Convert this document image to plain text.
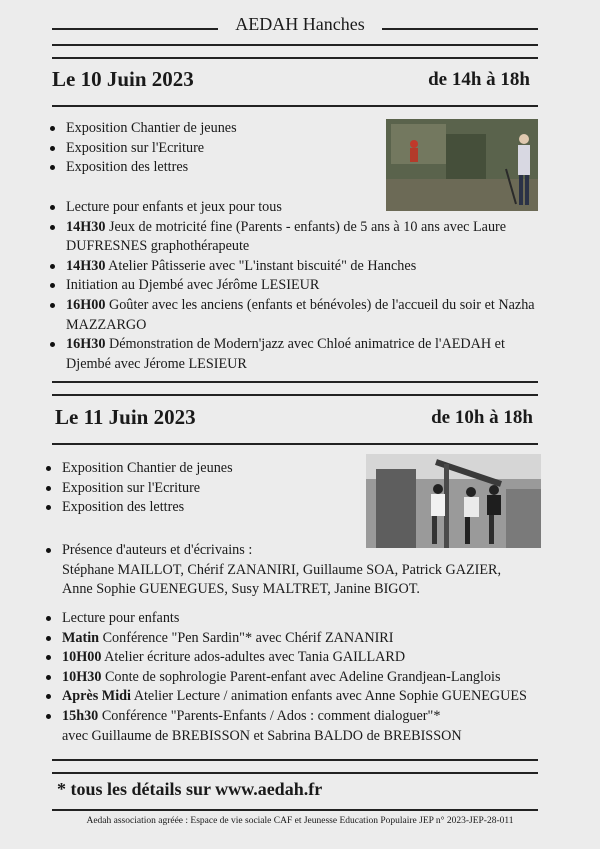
AEDAH Hanches
Le 10 Juin 2023	de 14h à 18h
Exposition Chantier de jeunes
Exposition sur l'Ecriture
Exposition des lettres
Lecture pour enfants et jeux pour tous
14H30 Jeux de motricité fine (Parents - enfants) de 5 ans à 10 ans avec Laure DUFRESNES graphothérapeute
14H30 Atelier Pâtisserie avec "L'instant biscuité" de Hanches
Initiation au Djembé avec Jérôme LESIEUR
16H00 Goûter avec les anciens (enfants et bénévoles) de l'accueil du soir et Nazha MAZZARGO
16H30 Démonstration de Modern'jazz avec Chloé animatrice de l'AEDAH et Djembé avec Jérome LESIEUR
Le 11 Juin 2023	de 10h à 18h
Exposition Chantier de jeunes
Exposition sur l'Ecriture
Exposition des lettres
Présence d'auteurs et d'écrivains :
Stéphane MAILLOT, Chérif ZANANIRI, Guillaume SOA, Patrick GAZIER,
Anne Sophie GUENEGUES, Susy MALTRET, Janine BIGOT.
Lecture pour enfants
Matin Conférence "Pen Sardin"* avec Chérif ZANANIRI
10H00 Atelier écriture ados-adultes avec Tania GAILLARD
10H30 Conte de sophrologie Parent-enfant avec Adeline Grandjean-Langlois
Après Midi Atelier Lecture / animation enfants avec Anne Sophie GUENEGUES
15h30 Conférence "Parents-Enfants / Ados : comment dialoguer"*
avec Guillaume de BREBISSON et Sabrina BALDO de BREBISSON
* tous les détails sur www.aedah.fr
Aedah association agréée : Espace de vie sociale CAF et Jeunesse Education Populaire JEP n° 2023-JEP-28-011
